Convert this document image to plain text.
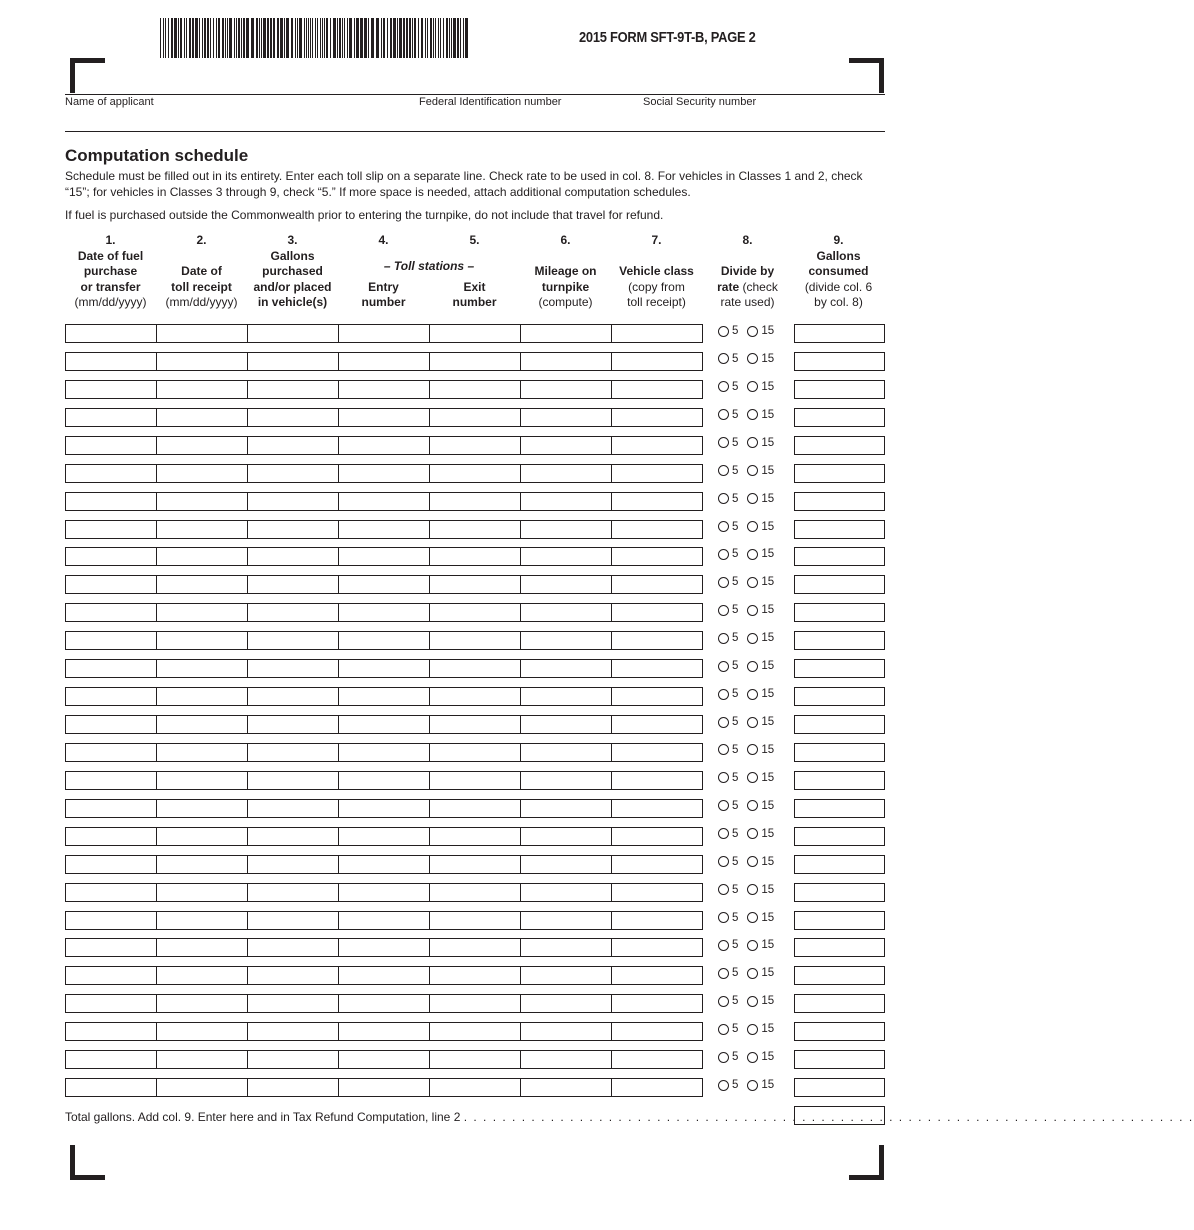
2015 FORM SFT-9T-B, PAGE 2
Name of applicant	Federal Identification number	Social Security number
Computation schedule
Schedule must be filled out in its entirety. Enter each toll slip on a separate line. Check rate to be used in col. 8. For vehicles in Classes 1 and 2, check “15”; for vehicles in Classes 3 through 9, check “5.” If more space is needed, attach additional computation schedules.
If fuel is purchased outside the Commonwealth prior to entering the turnpike, do not include that travel for refund.
1.
Date of fuel
purchase
or transfer
(mm/dd/yyyy)
2.

Date of
toll receipt
(mm/dd/yyyy)
3.
Gallons
purchased
and/or placed
in vehicle(s)
4.

Entry
number
5.

Exit
number
6.

Mileage on
turnpike
(compute)
7.

Vehicle class
(copy from
toll receipt)
8.

Divide by
rate (check
rate used)
9.
Gallons
consumed
(divide col. 6
by col. 8)
– Toll stations –
5 15
5 15
5 15
5 15
5 15
5 15
5 15
5 15
5 15
5 15
5 15
5 15
5 15
5 15
5 15
5 15
5 15
5 15
5 15
5 15
5 15
5 15
5 15
5 15
5 15
5 15
5 15
5 15
Total gallons. Add col. 9. Enter here and in Tax Refund Computation, line 2 . . . . . . . . . . . . . . . . . . . . . . . . . . . . . . . . . . . . . . . . . . . . . . . . . . . . . . . . . . . . . . . . . . . . . . . . . . . .
